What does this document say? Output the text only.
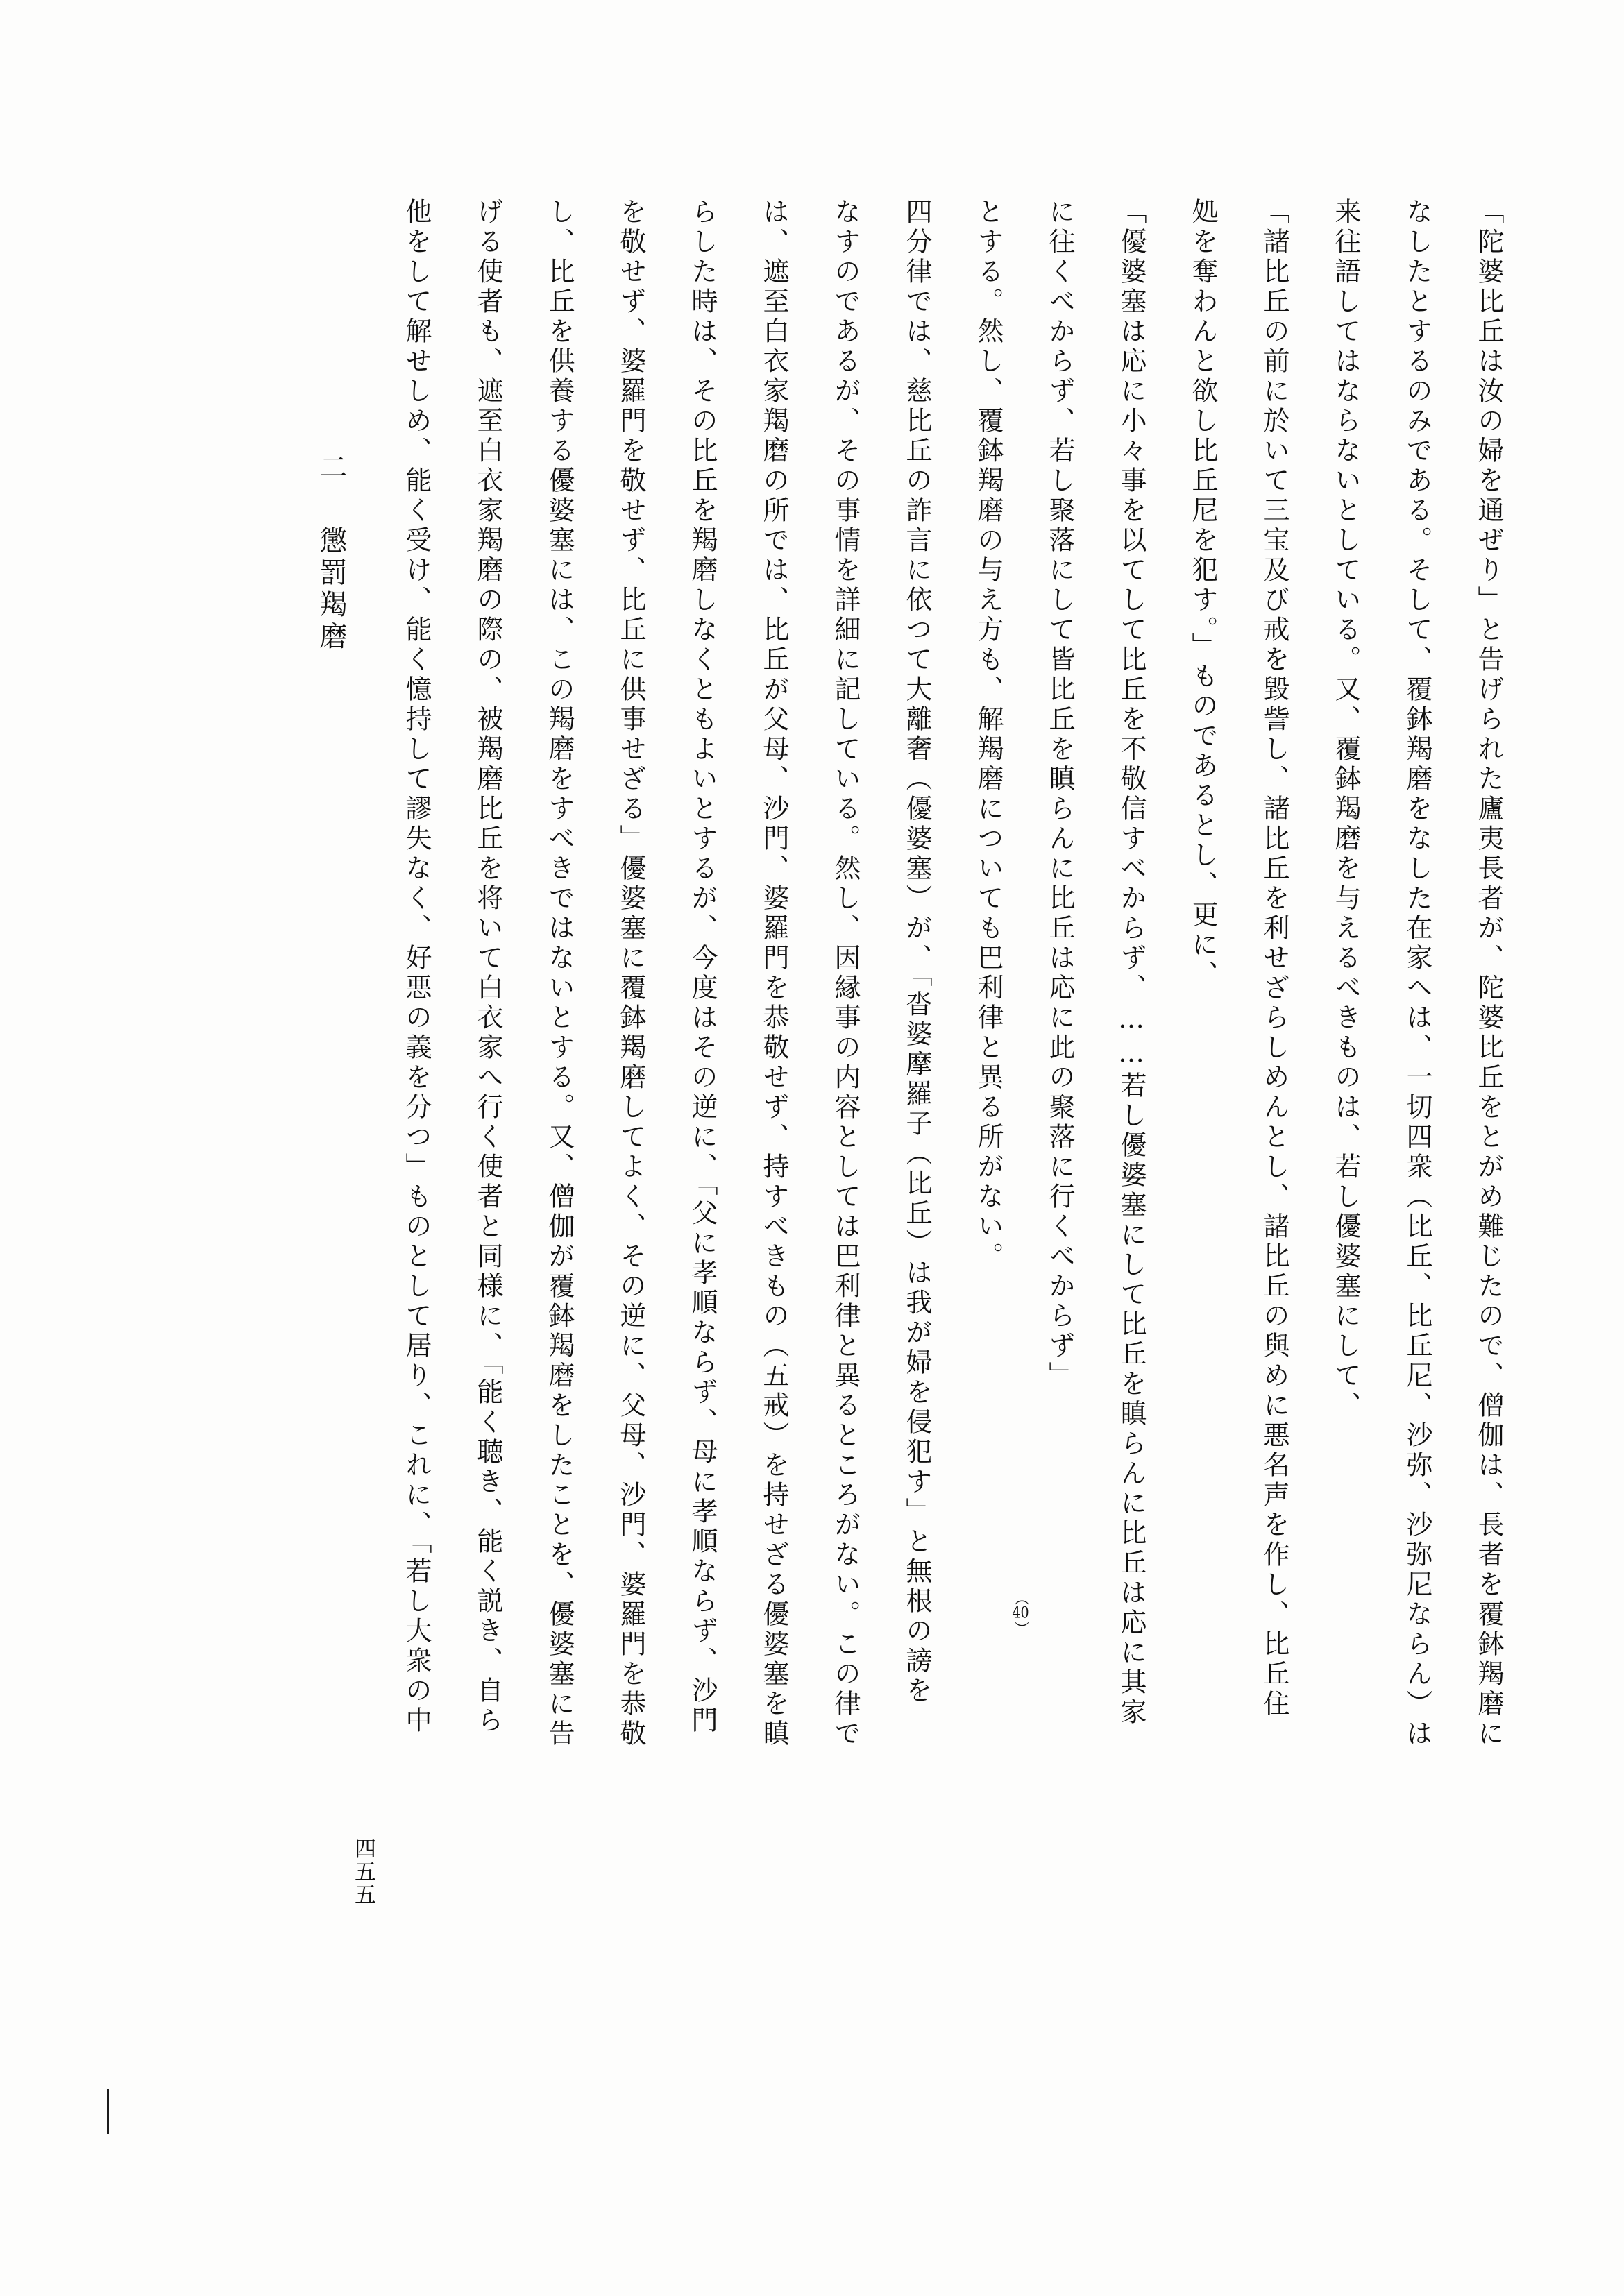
「陀婆比丘は汝の婦を通ぜり」と告げられた廬夷長者が、陀婆比丘をとがめ難じたので、僧伽は、長者を覆鉢羯磨に
なしたとするのみである。そして、覆鉢羯磨をなした在家へは、一切四衆（比丘、比丘尼、沙弥、沙弥尼ならん）は
来往語してはならないとしている。又、覆鉢羯磨を与えるべきものは、若し優婆塞にして、
「諸比丘の前に於いて三宝及び戒を毀訾し、諸比丘を利せざらしめんとし、諸比丘の與めに悪名声を作し、比丘住
処を奪わんと欲し比丘尼を犯す。」ものであるとし、更に、
「優婆塞は応に小々事を以てして比丘を不敬信すべからず、……若し優婆塞にして比丘を瞋らんに比丘は応に其家
に往くべからず、若し聚落にして皆比丘を瞋らんに比丘は応に此の聚落に行くべからず」
とする。然し、覆鉢羯磨の与え方も、解羯磨についても巴利律と異る所がない。
四分律では、慈比丘の詐言に依つて大離奢（優婆塞）が、「沓婆摩羅子（比丘）は我が婦を侵犯す」と無根の謗を
なすのであるが、その事情を詳細に記している。然し、因縁事の内容としては巴利律と異るところがない。この律で
は、遮至白衣家羯磨の所では、比丘が父母、沙門、婆羅門を恭敬せず、持すべきもの（五戒）を持せざる優婆塞を瞋
らした時は、その比丘を羯磨しなくともよいとするが、今度はその逆に、「父に孝順ならず、母に孝順ならず、沙門
を敬せず、婆羅門を敬せず、比丘に供事せざる」優婆塞に覆鉢羯磨してよく、その逆に、父母、沙門、婆羅門を恭敬
し、比丘を供養する優婆塞には、この羯磨をすべきではないとする。又、僧伽が覆鉢羯磨をしたことを、優婆塞に告
げる使者も、遮至白衣家羯磨の際の、被羯磨比丘を将いて白衣家へ行く使者と同様に、「能く聴き、能く説き、自ら
他をして解せしめ、能く受け、能く憶持して謬失なく、好悪の義を分つ」ものとして居り、これに、「若し大衆の中	（40）
二
懲罰羯磨
四五五
